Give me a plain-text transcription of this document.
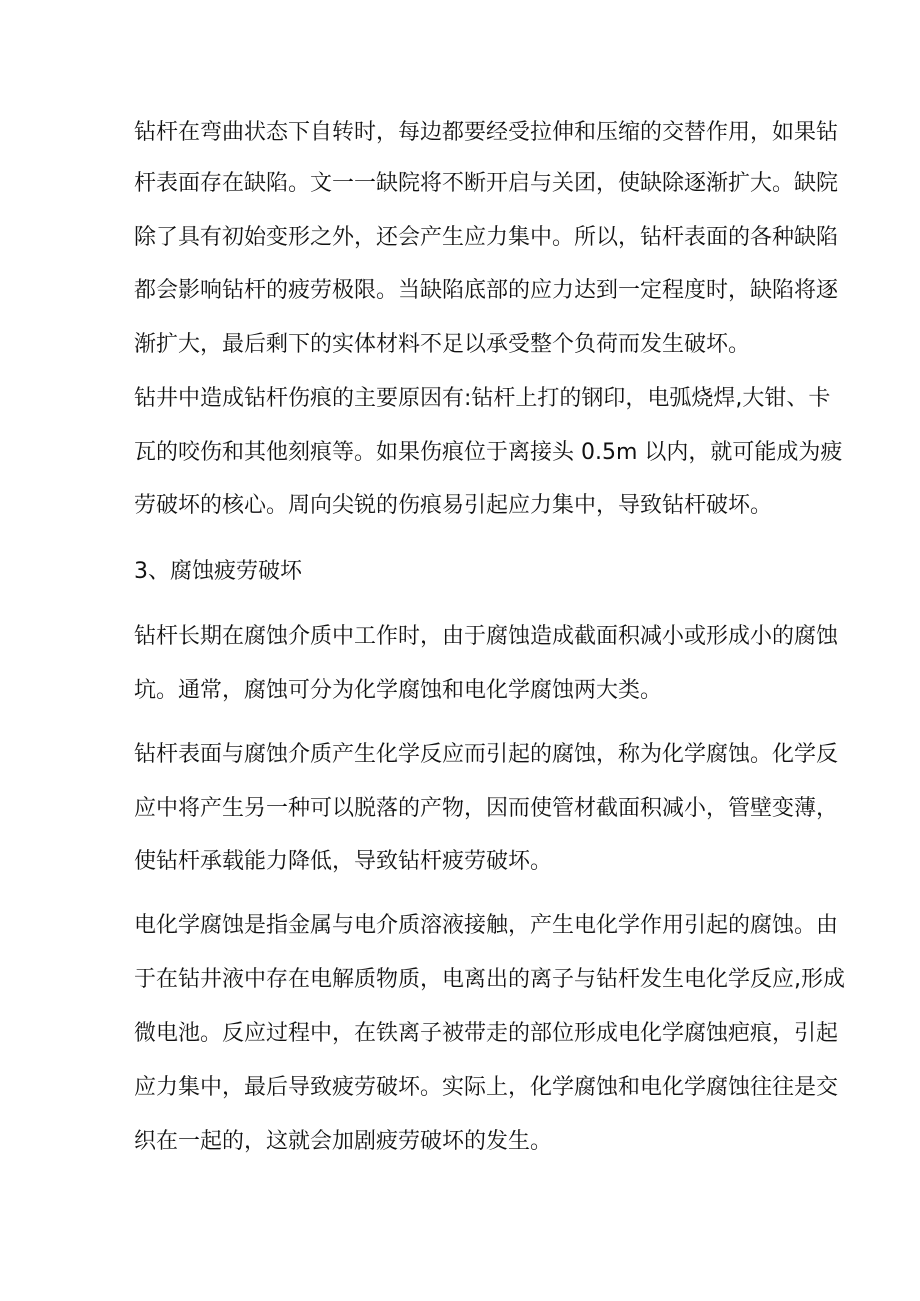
钻杆在弯曲状态下自转时，每边都要经受拉伸和压缩的交替作用，如果钻
杆表面存在缺陷。文一一缺院将不断开启与关团，使缺除逐渐扩大。缺院
除了具有初始变形之外，还会产生应力集中。所以，钻杆表面的各种缺陷
都会影响钻杆的疲劳极限。当缺陷底部的应力达到一定程度时，缺陷将逐
渐扩大，最后剩下的实体材料不足以承受整个负荷而发生破坏。
钻井中造成钻杆伤痕的主要原因有:钻杆上打的钢印，电弧烧焊,大钳、卡
瓦的咬伤和其他刻痕等。如果伤痕位于离接头 0.5m 以内，就可能成为疲
劳破坏的核心。周向尖锐的伤痕易引起应力集中，导致钻杆破坏。
3、腐蚀疲劳破坏
钻杆长期在腐蚀介质中工作时，由于腐蚀造成截面积减小或形成小的腐蚀
坑。通常，腐蚀可分为化学腐蚀和电化学腐蚀两大类。
钻杆表面与腐蚀介质产生化学反应而引起的腐蚀，称为化学腐蚀。化学反
应中将产生另一种可以脱落的产物，因而使管材截面积减小，管壁变薄，
使钻杆承载能力降低，导致钻杆疲劳破坏。
电化学腐蚀是指金属与电介质溶液接触，产生电化学作用引起的腐蚀。由
于在钻井液中存在电解质物质，电离出的离子与钻杆发生电化学反应,形成
微电池。反应过程中，在铁离子被带走的部位形成电化学腐蚀疤痕，引起
应力集中，最后导致疲劳破坏。实际上，化学腐蚀和电化学腐蚀往往是交
织在一起的，这就会加剧疲劳破坏的发生。
